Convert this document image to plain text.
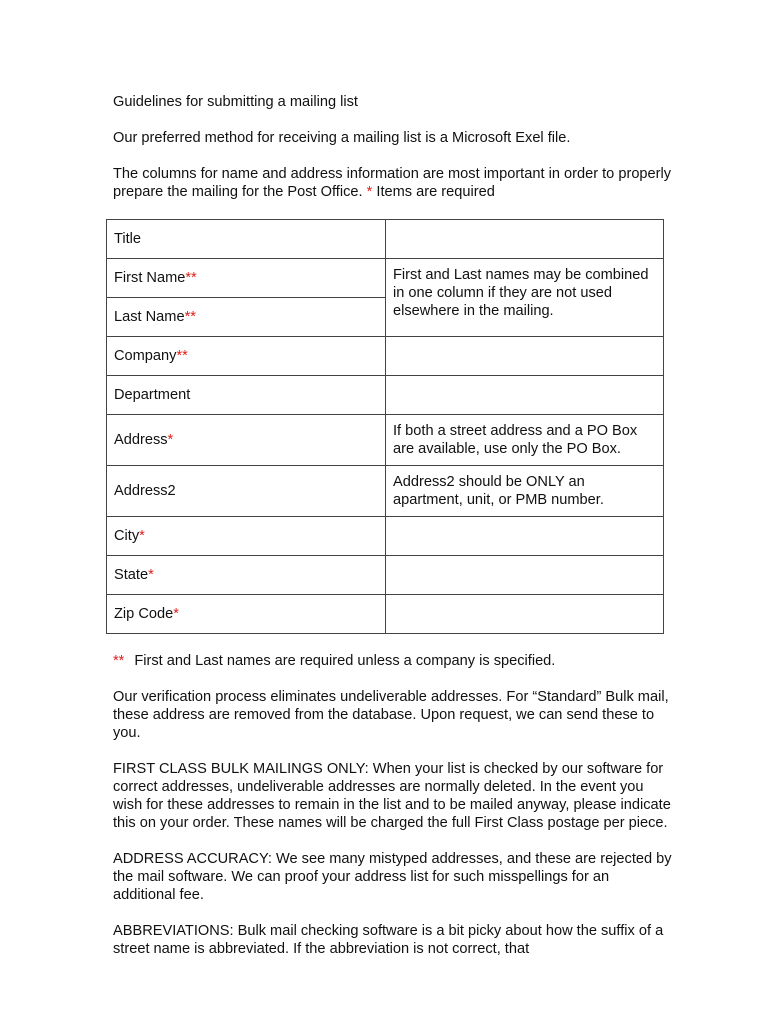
Guidelines for submitting a mailing list

Our preferred method for receiving a mailing list is a Microsoft Exel file.

The columns for name and address information are most important in order to properly prepare the mailing for the Post Office. * Items are required

Title	
First Name**	First and Last names may be combined in one column if they are not used elsewhere in the mailing.
Last Name**	
Company**	
Department	
Address*	If both a street address and a PO Box are available, use only the PO Box.
Address2	Address2 should be ONLY an apartment, unit, or PMB number.
City*	
State*	
Zip Code*	

** First and Last names are required unless a company is specified.

Our verification process eliminates undeliverable addresses. For “Standard” Bulk mail, these address are removed from the database. Upon request, we can send these to you.

FIRST CLASS BULK MAILINGS ONLY: When your list is checked by our software for correct addresses, undeliverable addresses are normally deleted. In the event you wish for these addresses to remain in the list and to be mailed anyway, please indicate this on your order. These names will be charged the full First Class postage per piece.

ADDRESS ACCURACY: We see many mistyped addresses, and these are rejected by the mail software. We can proof your address list for such misspellings for an additional fee.

ABBREVIATIONS: Bulk mail checking software is a bit picky about how the suffix of a street name is abbreviated. If the abbreviation is not correct, that
